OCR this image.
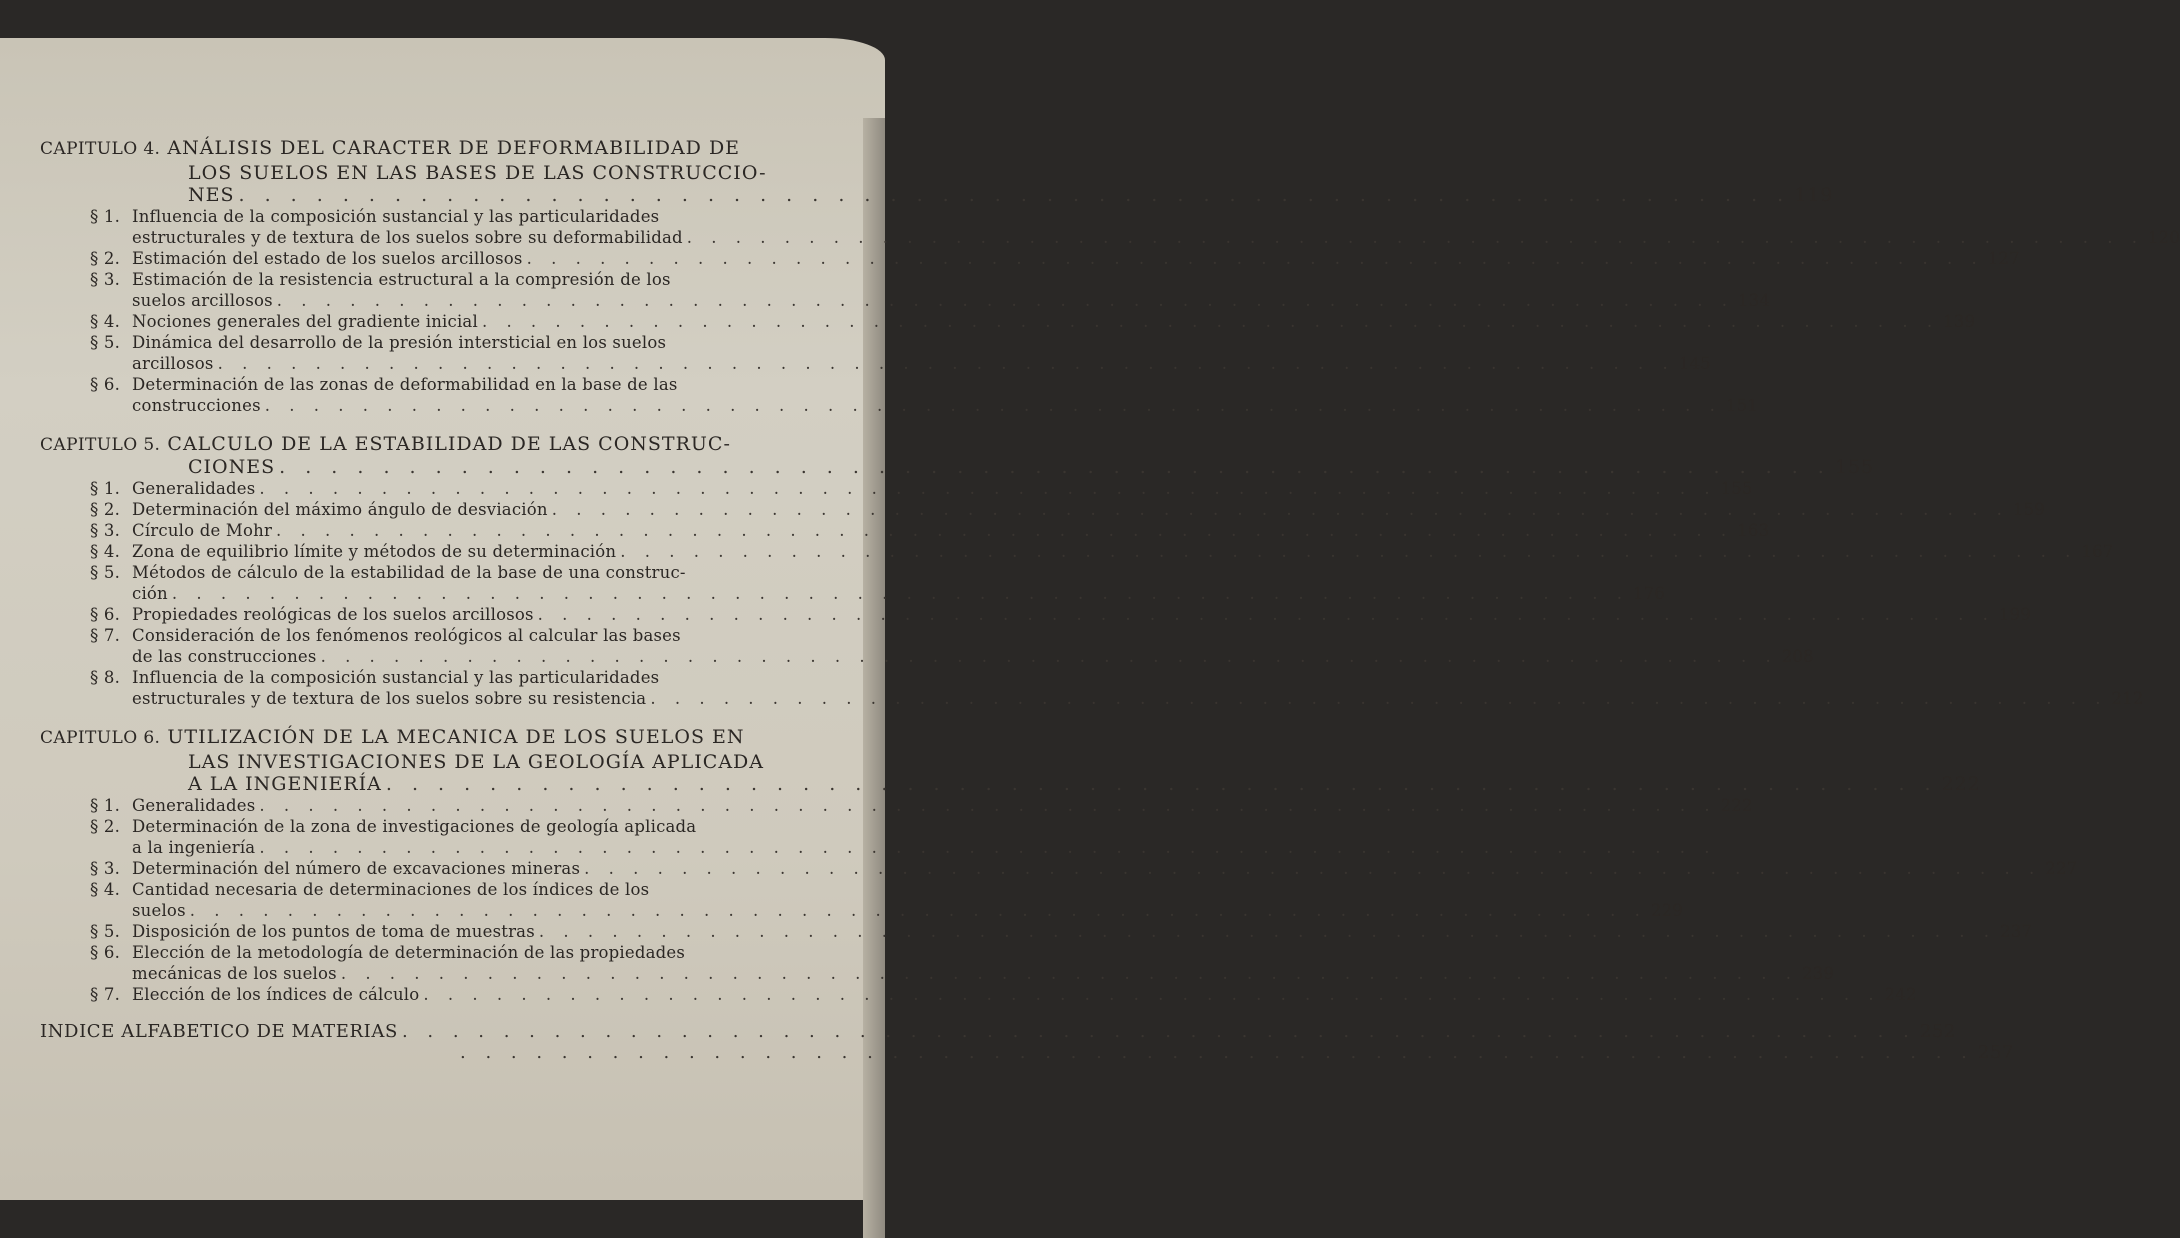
CAPITULO 4. ANÁLISIS DEL CARACTER DE DEFORMABILIDAD DE
LOS SUELOS EN LAS BASES DE LAS CONSTRUCCIO-
NES . . . . . . . . . . . . . . . . . . . . . . . . . . . . . . . . . . . . . . . . . . . . . . . . . . . . . . . . . . . . 119
§ 1. Influencia de la composición sustancial y las particularidades
estructurales y de textura de los suelos sobre su deformabilidad . . . . . . . . . . . . . . . . . . . . . . . . . . . . . . . . . . . . . . . . . . . . . . . . . . . . . . . . . . . . 120
§ 2. Estimación del estado de los suelos arcillosos . . . . . . . . . . . . . . . . . . . . . . . . . . . . . . . . . . . . . . . . . . . . . . . . . . . . . . . . . . . . 127
§ 3. Estimación de la resistencia estructural a la compresión de los
suelos arcillosos . . . . . . . . . . . . . . . . . . . . . . . . . . . . . . . . . . . . . . . . . . . . . . . . . . . . . . . . . . . . 134
§ 4. Nociones generales del gradiente inicial . . . . . . . . . . . . . . . . . . . . . . . . . . . . . . . . . . . . . . . . . . . . . . . . . . . . . . . . . . . . 139
§ 5. Dinámica del desarrollo de la presión intersticial en los suelos
arcillosos . . . . . . . . . . . . . . . . . . . . . . . . . . . . . . . . . . . . . . . . . . . . . . . . . . . . . . . . . . . . 145
§ 6. Determinación de las zonas de deformabilidad en la base de las
construcciones . . . . . . . . . . . . . . . . . . . . . . . . . . . . . . . . . . . . . . . . . . . . . . . . . . . . . . . . . . . . 151
CAPITULO 5. CALCULO DE LA ESTABILIDAD DE LAS CONSTRUC-
CIONES . . . . . . . . . . . . . . . . . . . . . . . . . . . . . . . . . . . . . . . . . . . . . . . . . . . . . . . . . . . . 155
§ 1. Generalidades . . . . . . . . . . . . . . . . . . . . . . . . . . . . . . . . . . . . . . . . . . . . . . . . . . . . . . . . . . . . 155
§ 2. Determinación del máximo ángulo de desviación . . . . . . . . . . . . . . . . . . . . . . . . . . . . . . . . . . . . . . . . . . . . . . . . . . . . . . . . . . . . 159
§ 3. Círculo de Mohr . . . . . . . . . . . . . . . . . . . . . . . . . . . . . . . . . . . . . . . . . . . . . . . . . . . . . . . . . . . . 163
§ 4. Zona de equilibrio límite y métodos de su determinación . . . . . . . . . . . . . . . . . . . . . . . . . . . . . . . . . . . . . . . . . . . . . . . . . . . . . . . . . . . . 167
§ 5. Métodos de cálculo de la estabilidad de la base de una construc-
ción . . . . . . . . . . . . . . . . . . . . . . . . . . . . . . . . . . . . . . . . . . . . . . . . . . . . . . . . . . . . 176
§ 6. Propiedades reológicas de los suelos arcillosos . . . . . . . . . . . . . . . . . . . . . . . . . . . . . . . . . . . . . . . . . . . . . . . . . . . . . . . . . . . . 199
§ 7. Consideración de los fenómenos reológicos al calcular las bases
de las construcciones . . . . . . . . . . . . . . . . . . . . . . . . . . . . . . . . . . . . . . . . . . . . . . . . . . . . . . . . . . . . 208
§ 8. Influencia de la composición sustancial y las particularidades
estructurales y de textura de los suelos sobre su resistencia . . . . . . . . . . . . . . . . . . . . . . . . . . . . . . . . . . . . . . . . . . . . . . . . . . . . . . . . . . . . 212
CAPITULO 6. UTILIZACIÓN DE LA MECANICA DE LOS SUELOS EN
LAS INVESTIGACIONES DE LA GEOLOGÍA APLICADA
A LA INGENIERÍA . . . . . . . . . . . . . . . . . . . . . . . . . . . . . . . . . . . . . . . . . . . . . . . . . . . . . . . . . . . . 222
§ 1. Generalidades . . . . . . . . . . . . . . . . . . . . . . . . . . . . . . . . . . . . . . . . . . . . . . . . . . . . . . . . . . . . 222
§ 2. Determinación de la zona de investigaciones de geología aplicada
a la ingeniería . . . . . . . . . . . . . . . . . . . . . . . . . . . . . . . . . . . . . . . . . . . . . . . . . . . . . . . . . . . .
§ 3. Determinación del número de excavaciones mineras . . . . . . . . . . . . . . . . . . . . . . . . . . . . . . . . . . . . . . . . . . . . . . . . . . . . . . . . . . . . 227
§ 4. Cantidad necesaria de determinaciones de los índices de los
suelos . . . . . . . . . . . . . . . . . . . . . . . . . . . . . . . . . . . . . . . . . . . . . . . . . . . . . . . . . . . . 229
§ 5. Disposición de los puntos de toma de muestras . . . . . . . . . . . . . . . . . . . . . . . . . . . . . . . . . . . . . . . . . . . . . . . . . . . . . . . . . . . . 237
§ 6. Elección de la metodología de determinación de las propiedades
mecánicas de los suelos . . . . . . . . . . . . . . . . . . . . . . . . . . . . . . . . . . . . . . . . . . . . . . . . . . . . . . . . . . . . 239
§ 7. Elección de los índices de cálculo . . . . . . . . . . . . . . . . . . . . . . . . . . . . . . . . . . . . . . . . . . . . . . . . . . . . . . . . . . . . 242
INDICE ALFABETICO DE MATERIAS . . . . . . . . . . . . . . . . . . . . . . . . . . . . . . . . . . . . . . . . . . . . . . . . . . . . . . . . . . . . 252
. . . . . . . . . . . . . . . . . . . . . . . . . . . . . . . . . . . . . . . . . . . . . . . . . . . . . . . . . . . . 257
